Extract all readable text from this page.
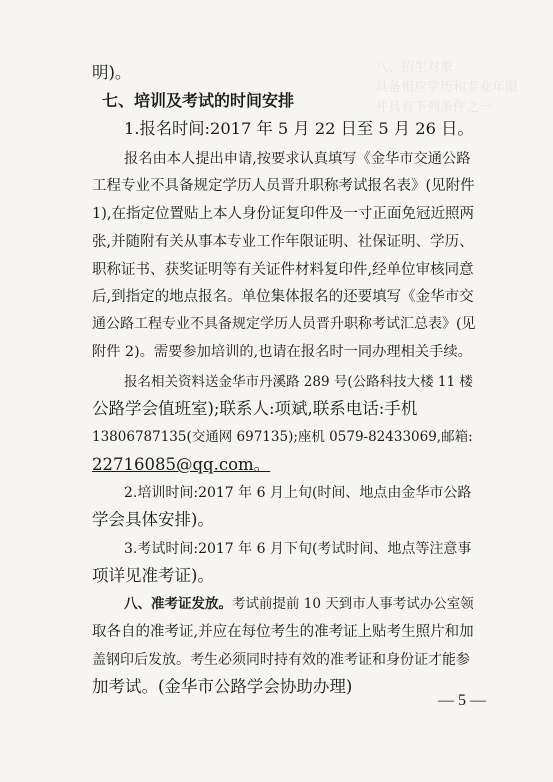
八、招生对象
具备相应学历和专业年限
并具有下列条件之一
明)。
七、培训及考试的时间安排
1.报名时间:2017 年 5 月 22 日至 5 月 26 日。
报名由本人提出申请,按要求认真填写《金华市交通公路
工程专业不具备规定学历人员晋升职称考试报名表》(见附件
1),在指定位置贴上本人身份证复印件及一寸正面免冠近照两
张,并随附有关从事本专业工作年限证明、社保证明、学历、
职称证书、获奖证明等有关证件材料复印件,经单位审核同意
后,到指定的地点报名。单位集体报名的还要填写《金华市交
通公路工程专业不具备规定学历人员晋升职称考试汇总表》(见
附件 2)。需要参加培训的,也请在报名时一同办理相关手续。
报名相关资料送金华市丹溪路 289 号(公路科技大楼 11 楼
公路学会值班室);联系人:项斌,联系电话:手机
13806787135(交通网 697135);座机 0579-82433069,邮箱:
22716085@qq.com。
2.培训时间:2017 年 6 月上旬(时间、地点由金华市公路
学会具体安排)。
3.考试时间:2017 年 6 月下旬(考试时间、地点等注意事
项详见准考证)。
八、准考证发放。考试前提前 10 天到市人事考试办公室领
取各自的准考证,并应在每位考生的准考证上贴考生照片和加
盖钢印后发放。考生必须同时持有效的准考证和身份证才能参
加考试。(金华市公路学会协助办理)
— 5 —
